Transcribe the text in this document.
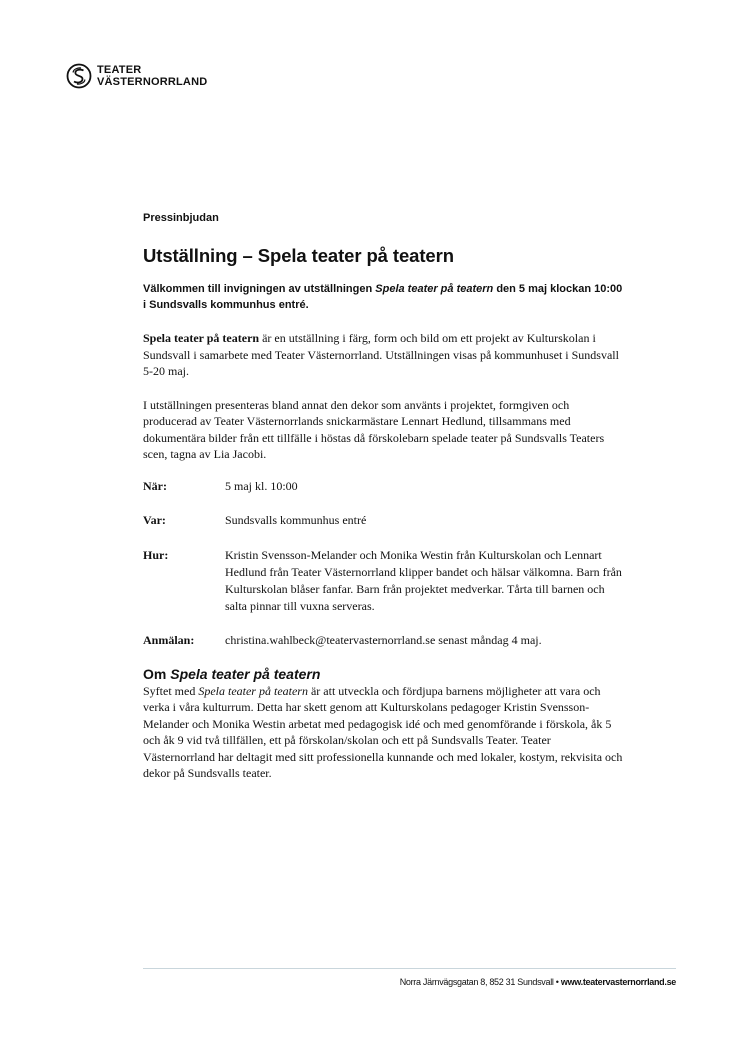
TEATER
VÄSTERNORRLAND
Pressinbjudan
Utställning – Spela teater på teatern
Välkommen till invigningen av utställningen Spela teater på teatern den 5 maj klockan 10:00 i Sundsvalls kommunhus entré.

Spela teater på teatern är en utställning i färg, form och bild om ett projekt av Kulturskolan i Sundsvall i samarbete med Teater Västernorrland. Utställningen visas på kommunhuset i Sundsvall 5-20 maj.

I utställningen presenteras bland annat den dekor som använts i projektet, formgiven och producerad av Teater Västernorrlands snickarmästare Lennart Hedlund, tillsammans med dokumentära bilder från ett tillfälle i höstas då förskolebarn spelade teater på Sundsvalls Teaters scen, tagna av Lia Jacobi.

När:	5 maj kl. 10:00
Var:	Sundsvalls kommunhus entré
Hur:	Kristin Svensson-Melander och Monika Westin från Kulturskolan och Lennart Hedlund från Teater Västernorrland klipper bandet och hälsar välkomna. Barn från Kulturskolan blåser fanfar. Barn från projektet medverkar. Tårta till barnen och salta pinnar till vuxna serveras.
Anmälan:	christina.wahlbeck@teatervasternorrland.se senast måndag 4 maj.
Om Spela teater på teatern

Syftet med Spela teater på teatern är att utveckla och fördjupa barnens möjligheter att vara och verka i våra kulturrum. Detta har skett genom att Kulturskolans pedagoger Kristin Svensson-Melander och Monika Westin arbetat med pedagogisk idé och med genomförande i förskola, åk 5 och åk 9 vid två tillfällen, ett på förskolan/skolan och ett på Sundsvalls Teater. Teater Västernorrland har deltagit med sitt professionella kunnande och med lokaler, kostym, rekvisita och dekor på Sundsvalls teater.

Norra Järnvägsgatan 8, 852 31 Sundsvall • www.teatervasternorrland.se
